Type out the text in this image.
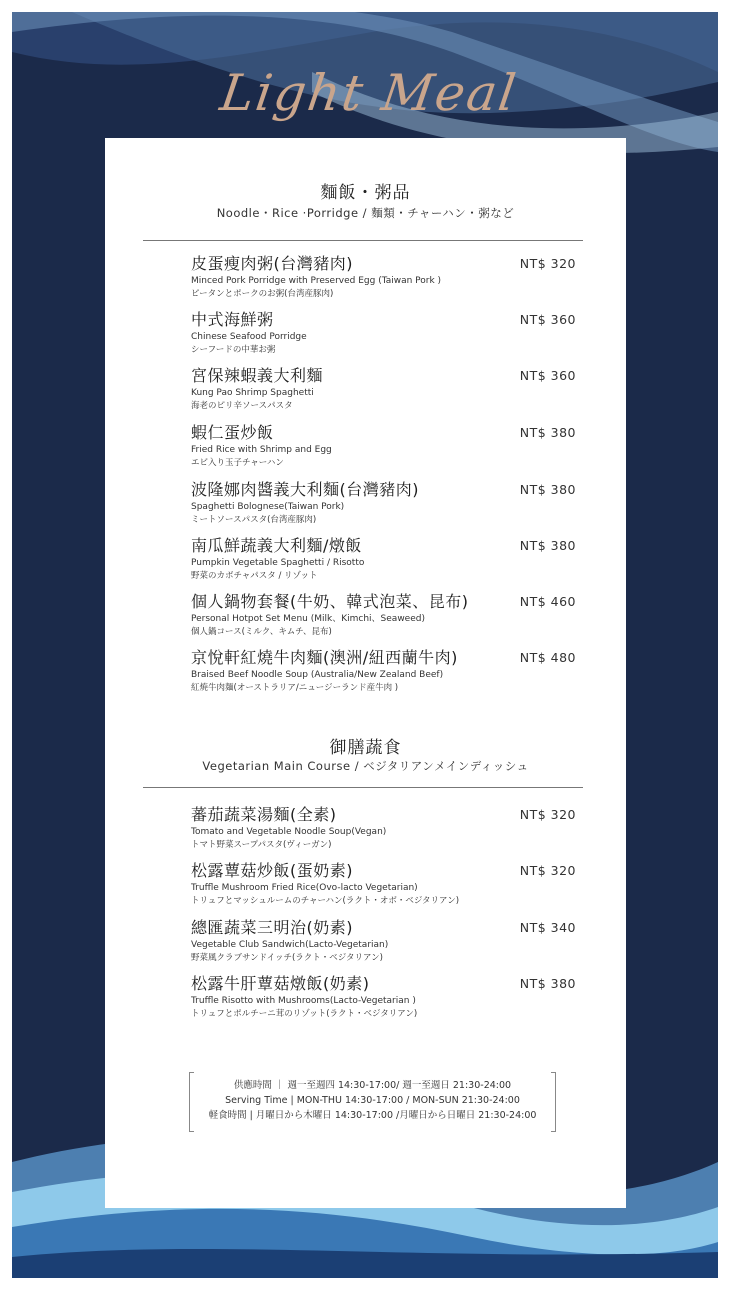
Light Meal
麵飯・粥品
Noodle・Rice ·Porridge / 麵類・チャーハン・粥など
皮蛋瘦肉粥(台灣豬肉)
Minced Pork Porridge with Preserved Egg (Taiwan Pork )
ピータンとポークのお粥(台湾産豚肉)
NT$ 320
中式海鮮粥
Chinese Seafood Porridge
シーフードの中華お粥
NT$ 360
宮保辣蝦義大利麵
Kung Pao Shrimp Spaghetti
海老のピリ辛ソースパスタ
NT$ 360
蝦仁蛋炒飯
Fried Rice with Shrimp and Egg
エビ入り玉子チャーハン
NT$ 380
波隆娜肉醬義大利麵(台灣豬肉)
Spaghetti Bolognese(Taiwan Pork)
ミートソースパスタ(台湾産豚肉)
NT$ 380
南瓜鮮蔬義大利麵/燉飯
Pumpkin Vegetable Spaghetti / Risotto
野菜のカボチャパスタ / リゾット
NT$ 380
個人鍋物套餐(牛奶、韓式泡菜、昆布)
Personal Hotpot Set Menu (Milk、Kimchi、Seaweed)
個人鍋コース(ミルク、キムチ、昆布)
NT$ 460
京悅軒紅燒牛肉麵(澳洲/紐西蘭牛肉)
Braised Beef Noodle Soup (Australia/New Zealand Beef)
紅焼牛肉麺(オーストラリア/ニュージーランド産牛肉 )
NT$ 480
御膳蔬食
Vegetarian Main Course / ベジタリアンメインディッシュ
蕃茄蔬菜湯麵(全素)
Tomato and Vegetable Noodle Soup(Vegan)
トマト野菜スープパスタ(ヴィーガン)
NT$ 320
松露蕈菇炒飯(蛋奶素)
Truffle Mushroom Fried Rice(Ovo-lacto Vegetarian)
トリュフとマッシュルームのチャーハン(ラクト・オボ・ベジタリアン)
NT$ 320
總匯蔬菜三明治(奶素)
Vegetable Club Sandwich(Lacto-Vegetarian)
野菜風クラブサンドイッチ(ラクト・ベジタリアン)
NT$ 340
松露牛肝蕈菇燉飯(奶素)
Truffle Risotto with Mushrooms(Lacto-Vegetarian )
トリュフとポルチーニ茸のリゾット(ラクト・ベジタリアン)
NT$ 380
供應時間 ｜ 週一至週四 14:30-17:00/ 週一至週日 21:30-24:00
Serving Time | MON-THU 14:30-17:00 / MON-SUN 21:30-24:00
軽食時間 | 月曜日から木曜日 14:30-17:00 /月曜日から日曜日 21:30-24:00
